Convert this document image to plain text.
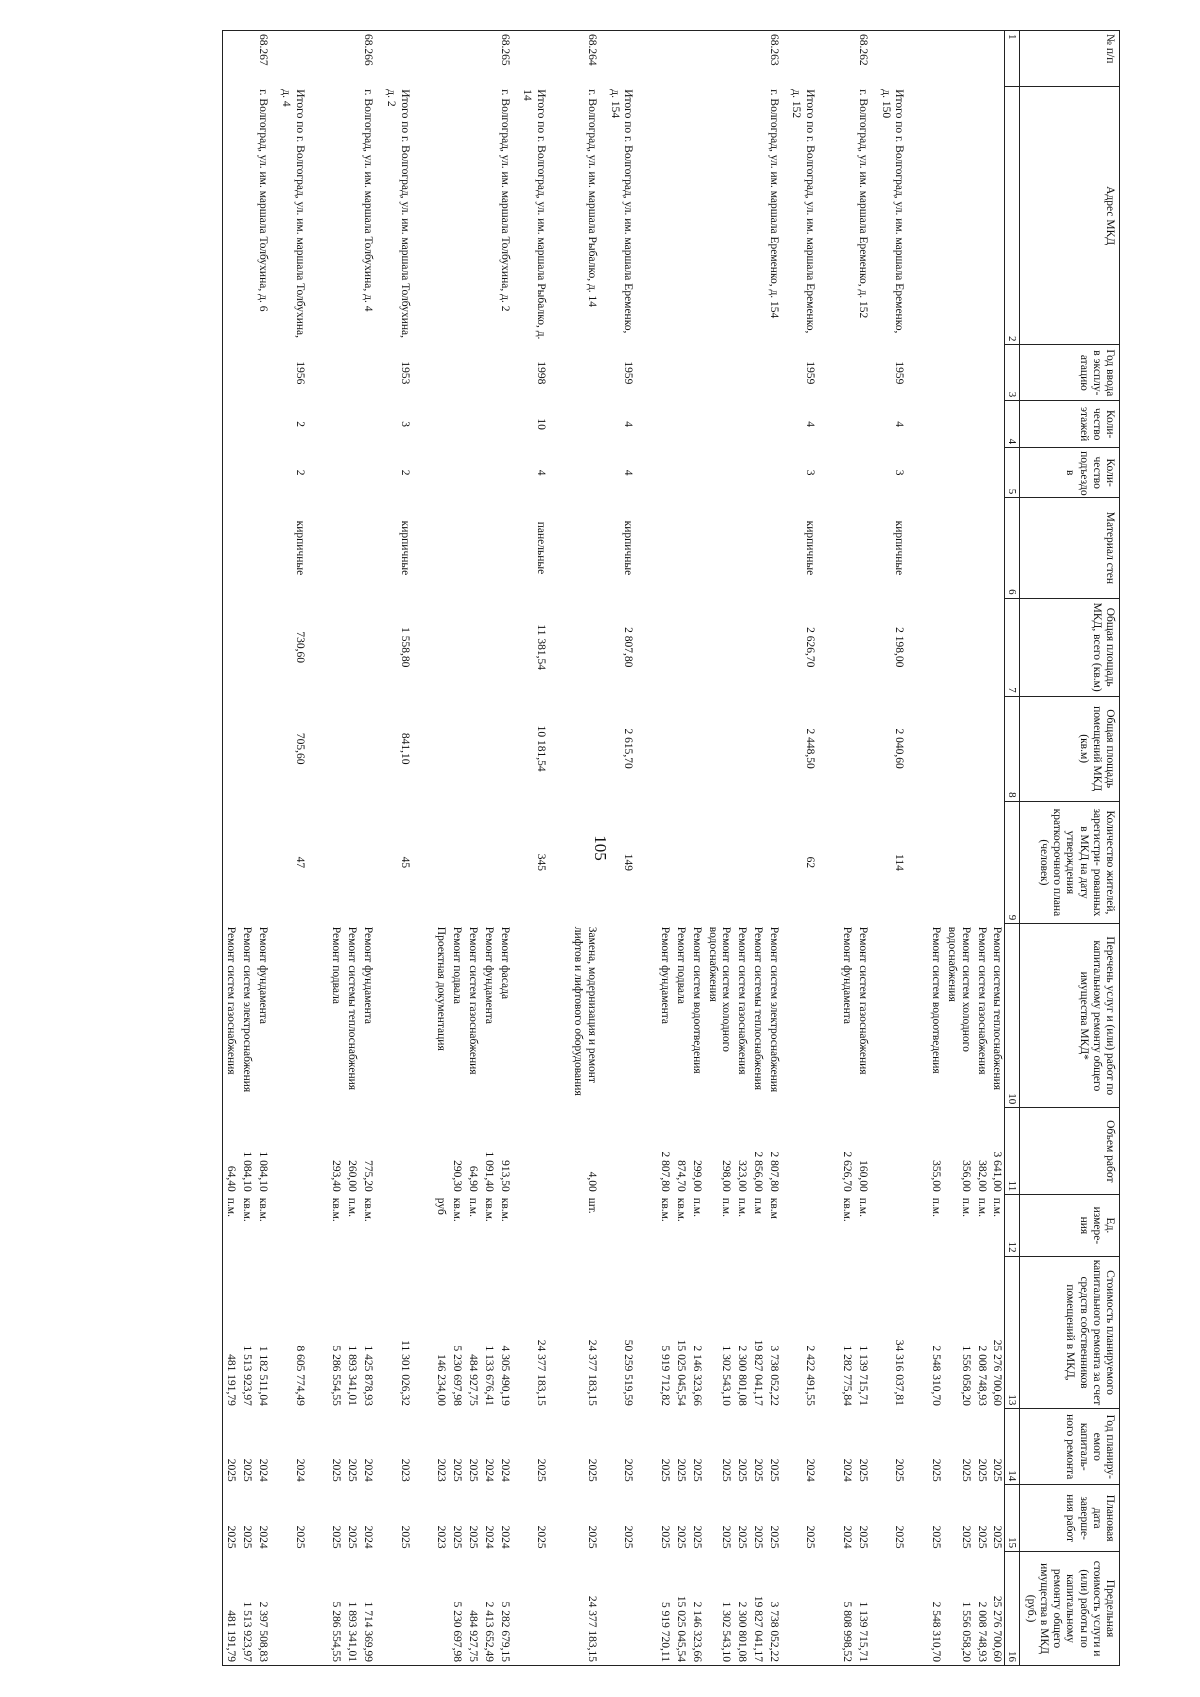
105
№ п/п	Адрес МКД	Год ввода в эксплу- атацию	Коли- чество этажей	Коли- чество подъездо в	Материал стен	Общая площадь МКД, всего (кв.м)	Общая площадь помещений МКД (кв.м)	Количество жителей, зарегистри- рованных в МКД на дату утверждения краткосрочного плана (человек)	Перечень услуг и (или) работ по капитальному ремонту общего имущества МКД*	Объем работ	Ед. измере- ния	Стоимость планируемого капитального ремонта за счет средств собственников помещений в МКД,	Год планиру- емого капиталь- ного ремонта	Плановая дата заверше- ния работ	Предельная стоимость услуги и (или) работы по капитальному ремонту общего имущества в МКД (руб.)
1	2	3	4	5	6	7	8	9	10	11	12	13	14	15	16
									Ремонт системы теплоснабжения	3 641,00	п.м.	25 276 700,60	2025	2025	25 276 700,60
									Ремонт систем газоснабжения	382,00	п.м.	2 008 748,93	2025	2025	2 008 748,93
									Ремонт систем холодного водоснабжения	356,00	п.м.	1 556 058,20	2025	2025	1 556 058,20
									Ремонт систем водоотведения	355,00	п.м.	2 548 310,70	2025	2025	2 548 310,70
	Итого по г. Волгоград, ул. им. маршала Еременко, д. 150	1959	4	3	кирпичные	2 198,00	2 040,60	114				34 316 037,81	2025	2025	
68.262	г. Волгоград, ул. им. маршала Еременко, д. 152								Ремонт систем газоснабжения	160,00	п.м.	1 139 715,71	2025	2025	1 139 715,71
									Ремонт фундамента	2 626,70	кв.м.	1 282 775,84	2024	2024	5 808 998,52
	Итого по г. Волгоград, ул. им. маршала Еременко, д. 152	1959	4	3	кирпичные	2 626,70	2 448,50	62				2 422 491,55	2024	2025	
68.263	г. Волгоград, ул. им. маршала Еременко, д. 154								Ремонт систем электроснабжения	2 807,80	кв.м	3 738 052,22	2025	2025	3 738 052,22
									Ремонт системы теплоснабжения	2 856,00	п.м	19 827 041,17	2025	2025	19 827 041,17
									Ремонт систем газоснабжения	323,00	п.м.	2 300 801,08	2025	2025	2 300 801,08
									Ремонт систем холодного водоснабжения	298,00	п.м.	1 302 543,10	2025	2025	1 302 543,10
									Ремонт систем водоотведения	299,00	п.м.	2 146 323,66	2025	2025	2 146 323,66
									Ремонт подвала	874,70	кв.м.	15 025 045,54	2025	2025	15 025 045,54
									Ремонт фундамента	2 807,80	кв.м.	5 919 712,82	2025	2025	5 919 720,11
	Итого по г. Волгоград, ул. им. маршала Еременко, д. 154	1959	4	4	кирпичные	2 807,80	2 615,70	149				50 259 519,59	2025	2025	
68.264	г. Волгоград, ул. им. маршала Рыбалко, д. 14								Замена, модернизация и ремонт лифтов и лифтового оборудования	4,00	шт.	24 377 183,15	2025	2025	24 377 183,15
	Итого по г. Волгоград, ул. им. маршала Рыбалко, д. 14	1998	10	4	панельные	11 381,54	10 181,54	345				24 377 183,15	2025	2025	
68.265	г. Волгоград, ул. им. маршала Толбухина, д. 2								Ремонт фасада	913,50	кв.м.	4 305 490,19	2024	2024	5 282 679,15
									Ремонт фундамента	1 091,40	кв.м.	1 133 676,41	2024	2024	2 413 652,49
									Ремонт систем газоснабжения	64,90	п.м.	484 927,75	2025	2025	484 927,75
									Ремонт подвала	290,30	кв.м.	5 230 697,98	2025	2025	5 230 697,98
									Проектная документация		руб	146 234,00	2023	2023	
	Итого по г. Волгоград, ул. им. маршала Толбухина, д. 2	1953	3	2	кирпичные	1 558,80	841,10	45				11 301 026,32	2023	2025	
68.266	г. Волгоград, ул. им. маршала Толбухина, д. 4								Ремонт фундамента	775,20	кв.м.	1 425 878,93	2024	2024	1 714 369,99
									Ремонт системы теплоснабжения	260,00	п.м.	1 893 341,01	2025	2025	1 893 341,01
									Ремонт подвала	293,40	кв.м.	5 286 554,55	2025	2025	5 286 554,55
	Итого по г. Волгоград, ул. им. маршала Толбухина, д. 4	1956	2	2	кирпичные	730,60	705,60	47				8 605 774,49	2024	2025	
68.267	г. Волгоград, ул. им. маршала Толбухина, д. 6								Ремонт фундамента	1 084,10	кв.м.	1 182 511,04	2024	2024	2 397 508,83
									Ремонт систем электроснабжения	1 084,10	кв.м.	1 513 923,97	2025	2025	1 513 923,97
									Ремонт систем газоснабжения	64,40	п.м.	481 191,79	2025	2025	481 191,79
